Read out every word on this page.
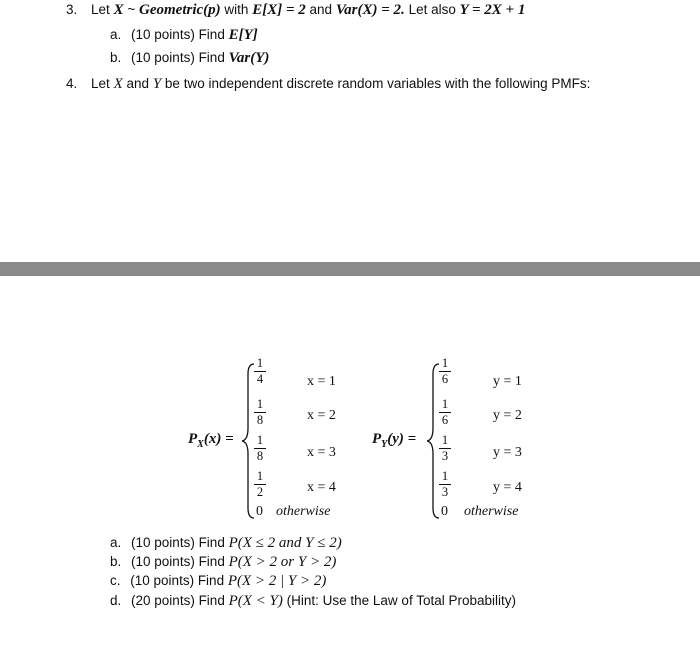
3. Let X ~ Geometric(p) with E[X] = 2 and Var(X) = 2. Let also Y = 2X + 1
a. (10 points) Find E[Y]
b. (10 points) Find Var(Y)
4. Let X and Y be two independent discrete random variables with the following PMFs:
$P_X(x)$ =
1
4	x = 1
1
8	x = 2
1
8	x = 3
1
2	x = 4
0 otherwise
$P_Y(y)$ =
1
6	y = 1
1
6	y = 2
1
3	y = 3
1
3	y = 4
0 otherwise
a. (10 points) Find P(X ≤ 2 and Y ≤ 2)
b. (10 points) Find P(X > 2 or Y > 2)
c. (10 points) Find P(X > 2 | Y > 2)
d. (20 points) Find P(X < Y) (Hint: Use the Law of Total Probability)
